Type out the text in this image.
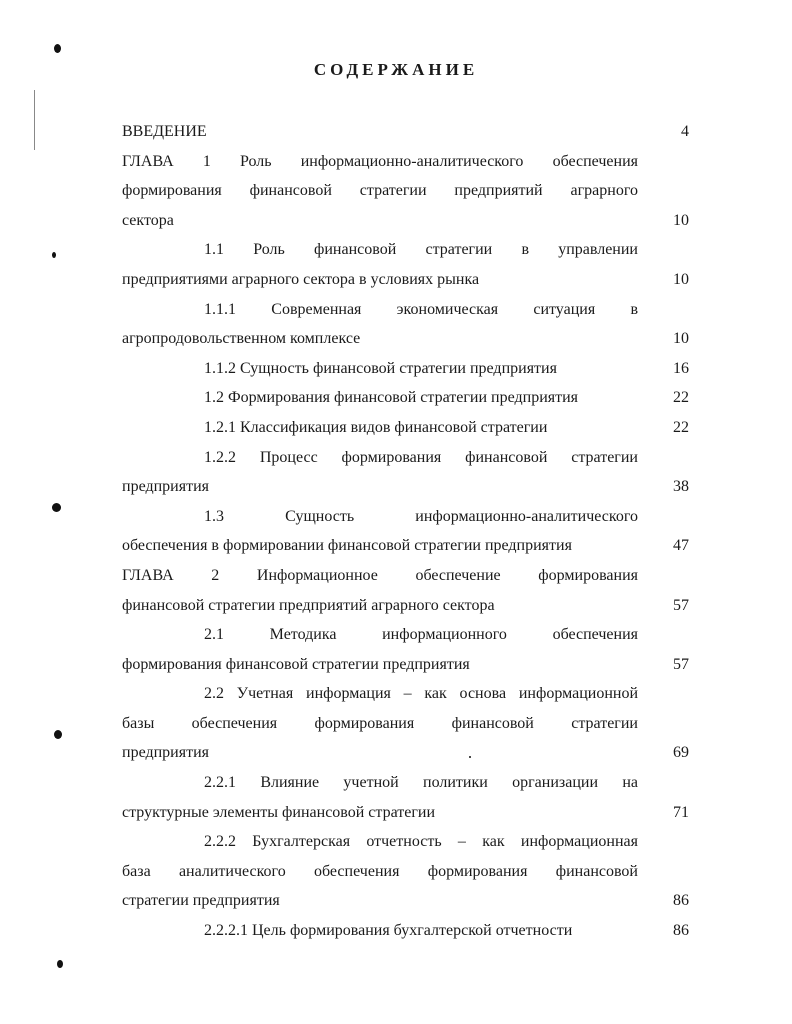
СОДЕРЖАНИЕ
ВВЕДЕНИЕ	4
ГЛАВА 1 Роль информационно-аналитического обеспечения
формирования финансовой стратегии предприятий аграрного
сектора	10
1.1 Роль финансовой стратегии в управлении
предприятиями аграрного сектора в условиях рынка	10
1.1.1 Современная экономическая ситуация в
агропродовольственном комплексе	10
1.1.2 Сущность финансовой стратегии предприятия	16
1.2 Формирования финансовой стратегии предприятия	22
1.2.1 Классификация видов финансовой стратегии	22
1.2.2 Процесс формирования финансовой стратегии
предприятия	38
1.3 Сущность информационно-аналитического
обеспечения в формировании финансовой стратегии предприятия	47
ГЛАВА 2 Информационное обеспечение формирования
финансовой стратегии предприятий аграрного сектора	57
2.1 Методика информационного обеспечения
формирования финансовой стратегии предприятия	57
2.2 Учетная информация – как основа информационной
базы обеспечения формирования финансовой стратегии
предприятия	69
2.2.1 Влияние учетной политики организации на
структурные элементы финансовой стратегии	71
2.2.2 Бухгалтерская отчетность – как информационная
база аналитического обеспечения формирования финансовой
стратегии предприятия	86
2.2.2.1 Цель формирования бухгалтерской отчетности	86
